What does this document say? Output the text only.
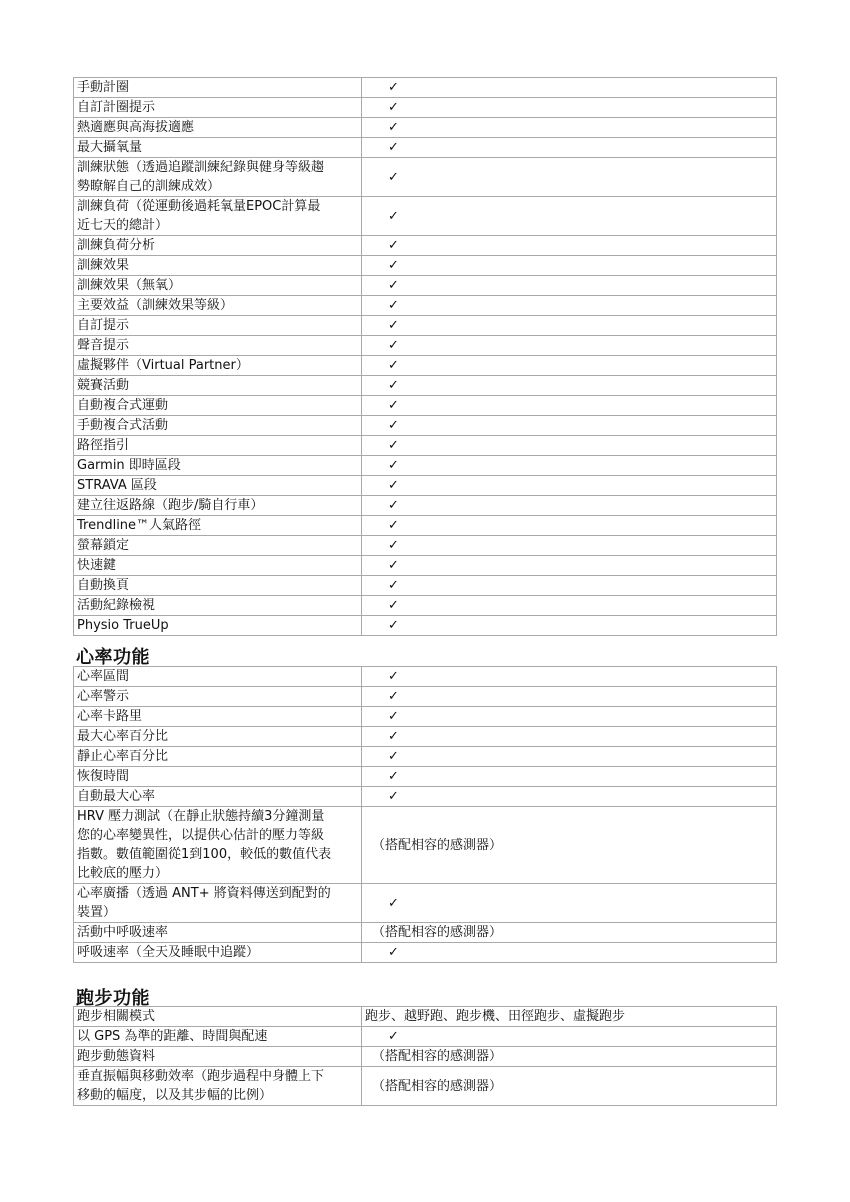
手動計圈	✓
自訂計圈提示	✓
熱適應與高海拔適應	✓
最大攝氧量	✓
訓練狀態（透過追蹤訓練紀錄與健身等級趨
勢瞭解自己的訓練成效）	✓
訓練負荷（從運動後過耗氧量EPOC計算最
近七天的總計）	✓
訓練負荷分析	✓
訓練效果	✓
訓練效果（無氧）	✓
主要效益（訓練效果等級）	✓
自訂提示	✓
聲音提示	✓
虛擬夥伴（Virtual Partner）	✓
競賽活動	✓
自動複合式運動	✓
手動複合式活動	✓
路徑指引	✓
Garmin 即時區段	✓
STRAVA 區段	✓
建立往返路線（跑步/騎自行車）	✓
Trendline™人氣路徑	✓
螢幕鎖定	✓
快速鍵	✓
自動換頁	✓
活動紀錄檢視	✓
Physio TrueUp	✓
心率功能
心率區間	✓
心率警示	✓
心率卡路里	✓
最大心率百分比	✓
靜止心率百分比	✓
恢復時間	✓
自動最大心率	✓
HRV 壓力測試（在靜止狀態持續3分鐘測量
您的心率變異性，以提供心估計的壓力等級
指數。數值範圍從1到100，較低的數值代表
比較底的壓力）	（搭配相容的感測器）
心率廣播（透過 ANT+ 將資料傳送到配對的
裝置）	✓
活動中呼吸速率	（搭配相容的感測器）
呼吸速率（全天及睡眠中追蹤）	✓
跑步功能
跑步相關模式	跑步、越野跑、跑步機、田徑跑步、虛擬跑步
以 GPS 為準的距離、時間與配速	✓
跑步動態資料	（搭配相容的感測器）
垂直振幅與移動效率（跑步過程中身體上下
移動的幅度，以及其步幅的比例）	（搭配相容的感測器）
